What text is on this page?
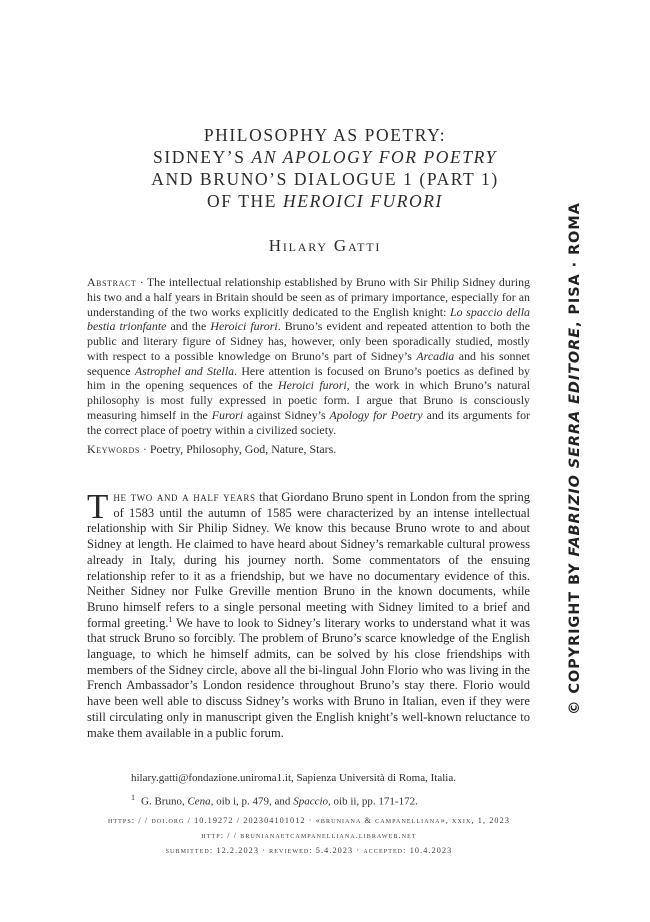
PHILOSOPHY AS POETRY:
SIDNEY’S AN APOLOGY FOR POETRY
AND BRUNO’S DIALOGUE 1 (PART 1)
OF THE HEROICI FURORI
Hilary Gatti

Abstract · The intellectual relationship established by Bruno with Sir Philip Sidney during his two and a half years in Britain should be seen as of primary importance, especially for an understanding of the two works explicitly dedicated to the English knight: Lo spaccio della bestia trionfante and the Heroici furori. Bruno’s evident and repeated attention to both the public and literary figure of Sidney has, however, only been sporadically studied, mostly with respect to a possible knowledge on Bruno’s part of Sidney’s Arcadia and his sonnet sequence Astrophel and Stella. Here attention is focused on Bruno’s poetics as defined by him in the opening sequences of the Heroici furori, the work in which Bruno’s natural philosophy is most fully expressed in poetic form. I argue that Bruno is consciously measuring himself in the Furori against Sidney’s Apology for Poetry and its arguments for the correct place of poetry within a civilized society.

Keywords · Poetry, Philosophy, God, Nature, Stars.

The two and a half years that Giordano Bruno spent in London from the spring of 1583 until the autumn of 1585 were characterized by an intense intellectual relationship with Sir Philip Sidney. We know this because Bruno wrote to and about Sidney at length. He claimed to have heard about Sidney’s remarkable cultural prowess already in Italy, during his journey north. Some commentators of the ensuing relationship refer to it as a friendship, but we have no documentary evidence of this. Neither Sidney nor Fulke Greville mention Bruno in the known documents, while Bruno himself refers to a single personal meeting with Sidney limited to a brief and formal greeting.$^1$ We have to look to Sidney’s literary works to understand what it was that struck Bruno so forcibly. The problem of Bruno’s scarce knowledge of the English language, to which he himself admits, can be solved by his close friendships with members of the Sidney circle, above all the bi-lingual John Florio who was living in the French Ambassador’s London residence throughout Bruno’s stay there. Florio would have been well able to discuss Sidney’s works with Bruno in Italian, even if they were still circulating only in manuscript given the English knight’s well-known reluctance to make them available in a public forum.

hilary.gatti@fondazione.uniroma1.it, Sapienza Università di Roma, Italia.
$^1$ G. Bruno, Cena, oib i, p. 479, and Spaccio, oib ii, pp. 171-172.
https: / / doi.org / 10.19272 / 202304101012 · «bruniana & campanelliana», xxix, 1, 2023
http: / / brunianaetcampanelliana.libraweb.net
submitted: 12.2.2023 · reviewed: 5.4.2023 · accepted: 10.4.2023
© COPYRIGHT BY FABRIZIO SERRA EDITORE, PISA · ROMA
